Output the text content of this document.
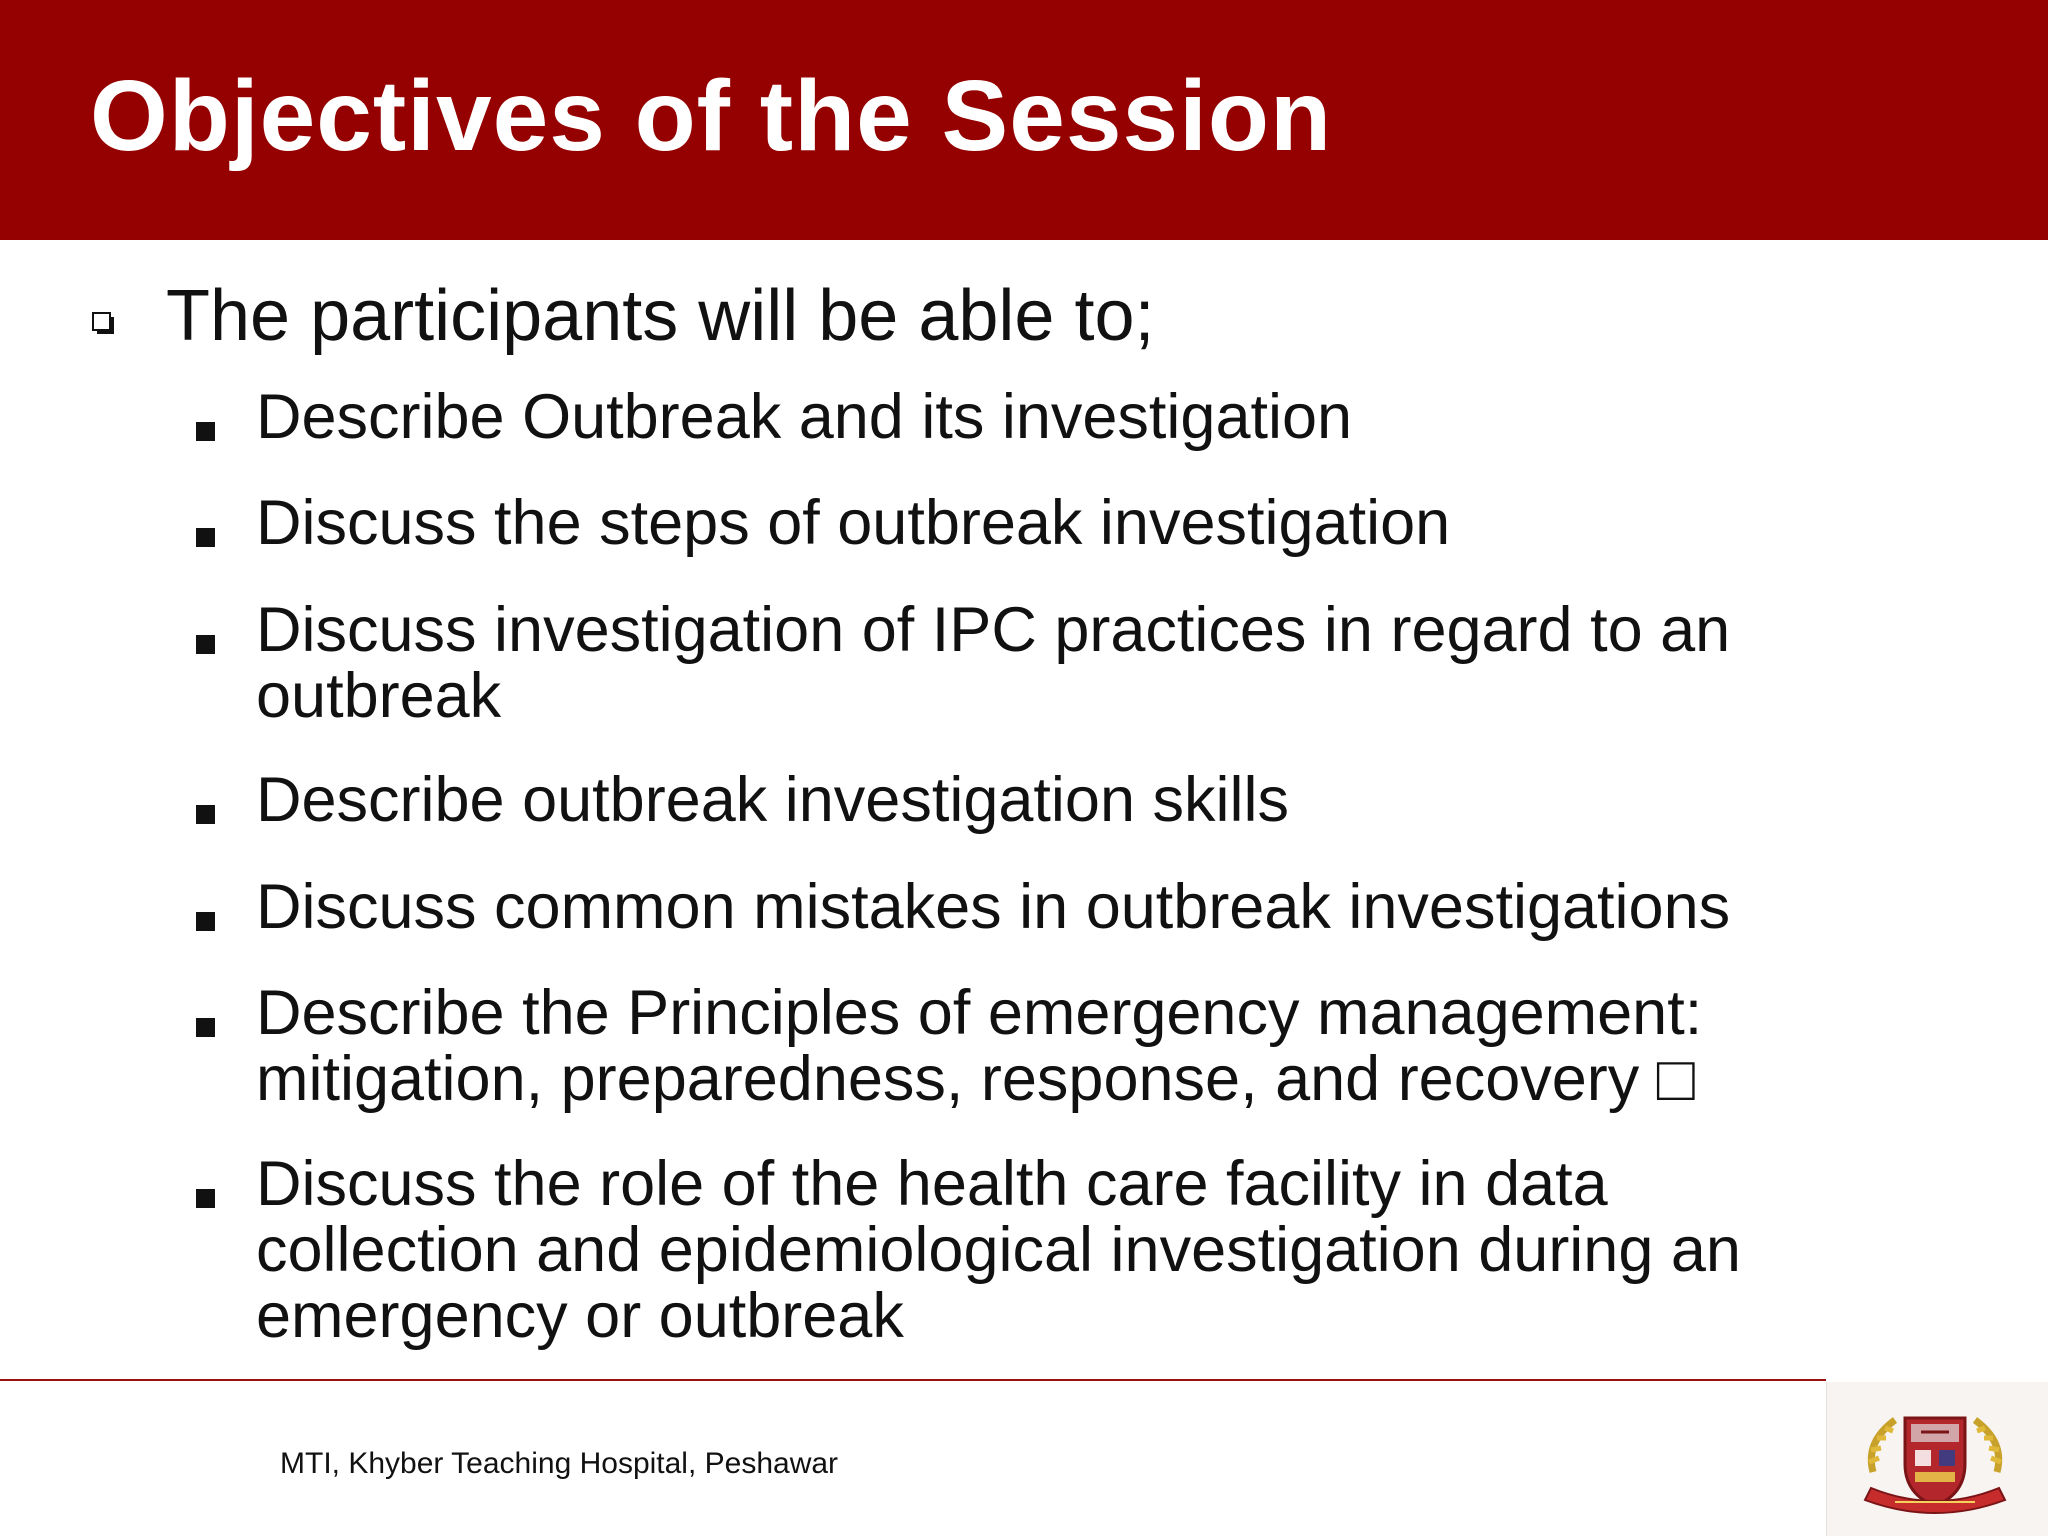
Objectives of the Session
The participants will be able to;
Describe Outbreak and its investigation
Discuss the steps of outbreak investigation
Discuss investigation of IPC practices in regard to an
outbreak
Describe outbreak investigation skills
Discuss common mistakes in outbreak investigations
Describe the Principles of emergency management:
mitigation, preparedness, response, and recovery □
Discuss the role of the health care facility in data
collection and epidemiological investigation during an
emergency or outbreak
MTI, Khyber Teaching Hospital, Peshawar
